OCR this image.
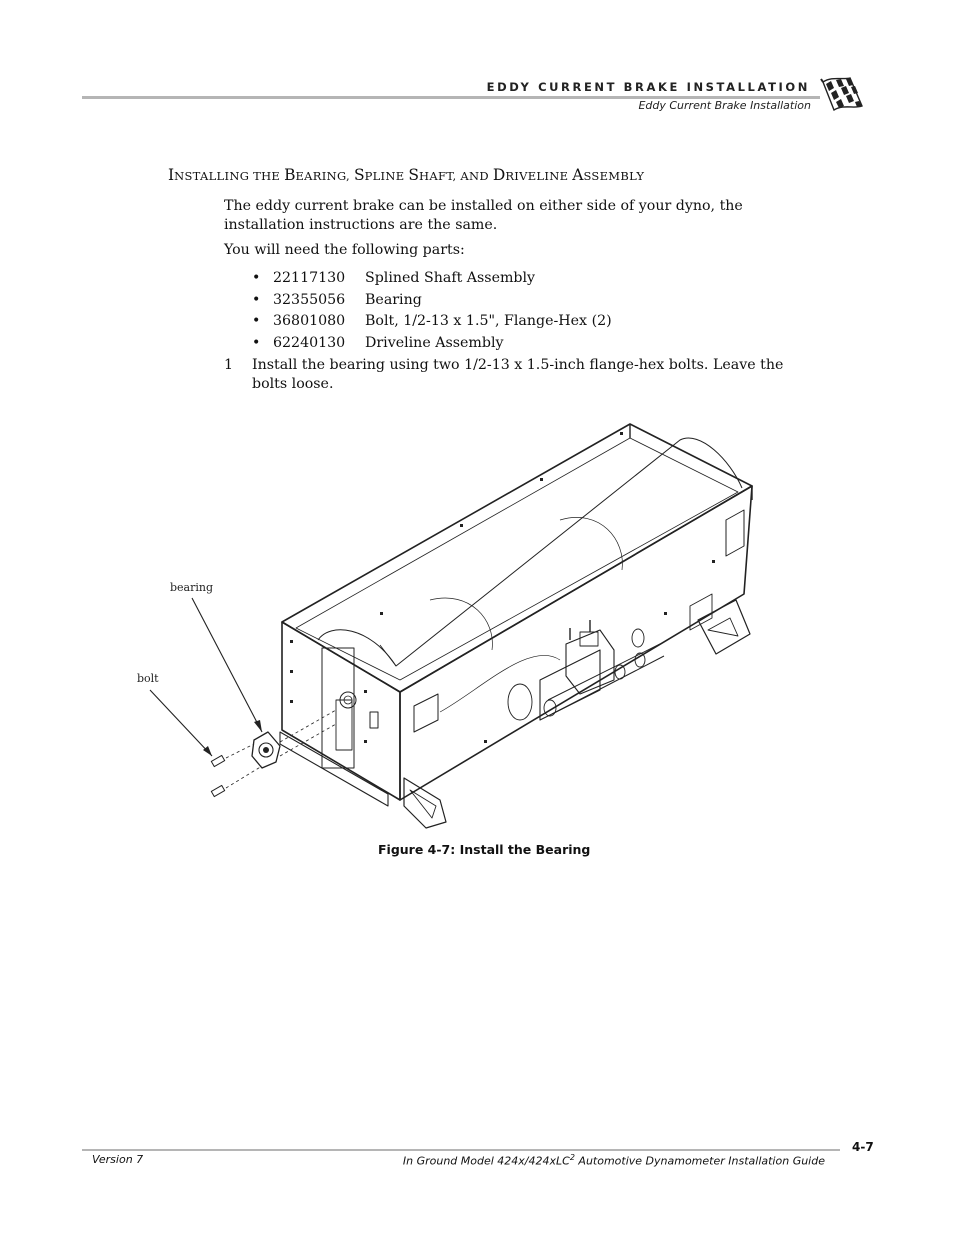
EDDY CURRENT BRAKE INSTALLATION
Eddy Current Brake Installation
INSTALLING THE BEARING, SPLINE SHAFT, AND DRIVELINE ASSEMBLY
The eddy current brake can be installed on either side of your dyno, the installation instructions are the same.
You will need the following parts:
• 22117130 Splined Shaft Assembly
• 32355056 Bearing
• 36801080 Bolt, 1/2-13 x 1.5", Flange-Hex (2)
• 62240130 Driveline Assembly
1 Install the bearing using two 1/2-13 x 1.5-inch flange-hex bolts. Leave the bolts loose.
bearing
bolt
Figure 4-7: Install the Bearing
4-7
Version 7	In Ground Model 424x/424xLC$^2$ Automotive Dynamometer Installation Guide
